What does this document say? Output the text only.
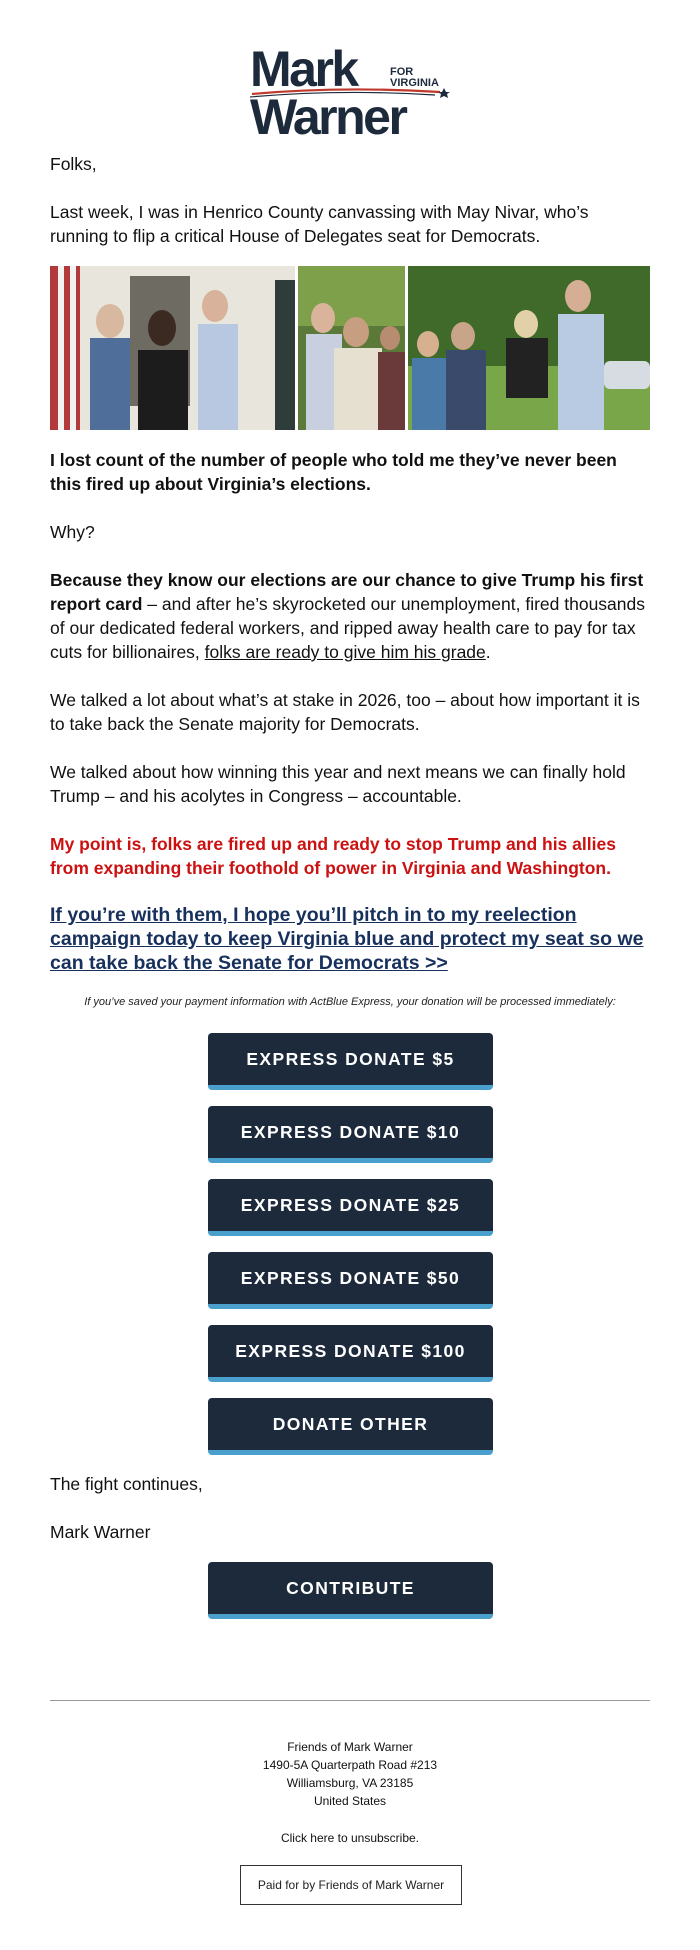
Mark	FOR
VIRGINIA
Warner

Folks,

Last week, I was in Henrico County canvassing with May Nivar, who’s running to flip a critical House of Delegates seat for Democrats.

I lost count of the number of people who told me they’ve never been this fired up about Virginia’s elections.

Why?

Because they know our elections are our chance to give Trump his first report card – and after he’s skyrocketed our unemployment, fired thousands of our dedicated federal workers, and ripped away health care to pay for tax cuts for billionaires, folks are ready to give him his grade.

We talked a lot about what’s at stake in 2026, too – about how important it is to take back the Senate majority for Democrats.

We talked about how winning this year and next means we can finally hold Trump – and his acolytes in Congress – accountable.

My point is, folks are fired up and ready to stop Trump and his allies from expanding their foothold of power in Virginia and Washington.

If you’re with them, I hope you’ll pitch in to my reelection campaign today to keep Virginia blue and protect my seat so we can take back the Senate for Democrats >>

If you’ve saved your payment information with ActBlue Express, your donation will be processed immediately:
EXPRESS DONATE $5
EXPRESS DONATE $10
EXPRESS DONATE $25
EXPRESS DONATE $50
EXPRESS DONATE $100
DONATE OTHER

The fight continues,

Mark Warner

CONTRIBUTE
Friends of Mark Warner
1490-5A Quarterpath Road #213
Williamsburg, VA 23185
United States
Click here to unsubscribe.
Paid for by Friends of Mark Warner
